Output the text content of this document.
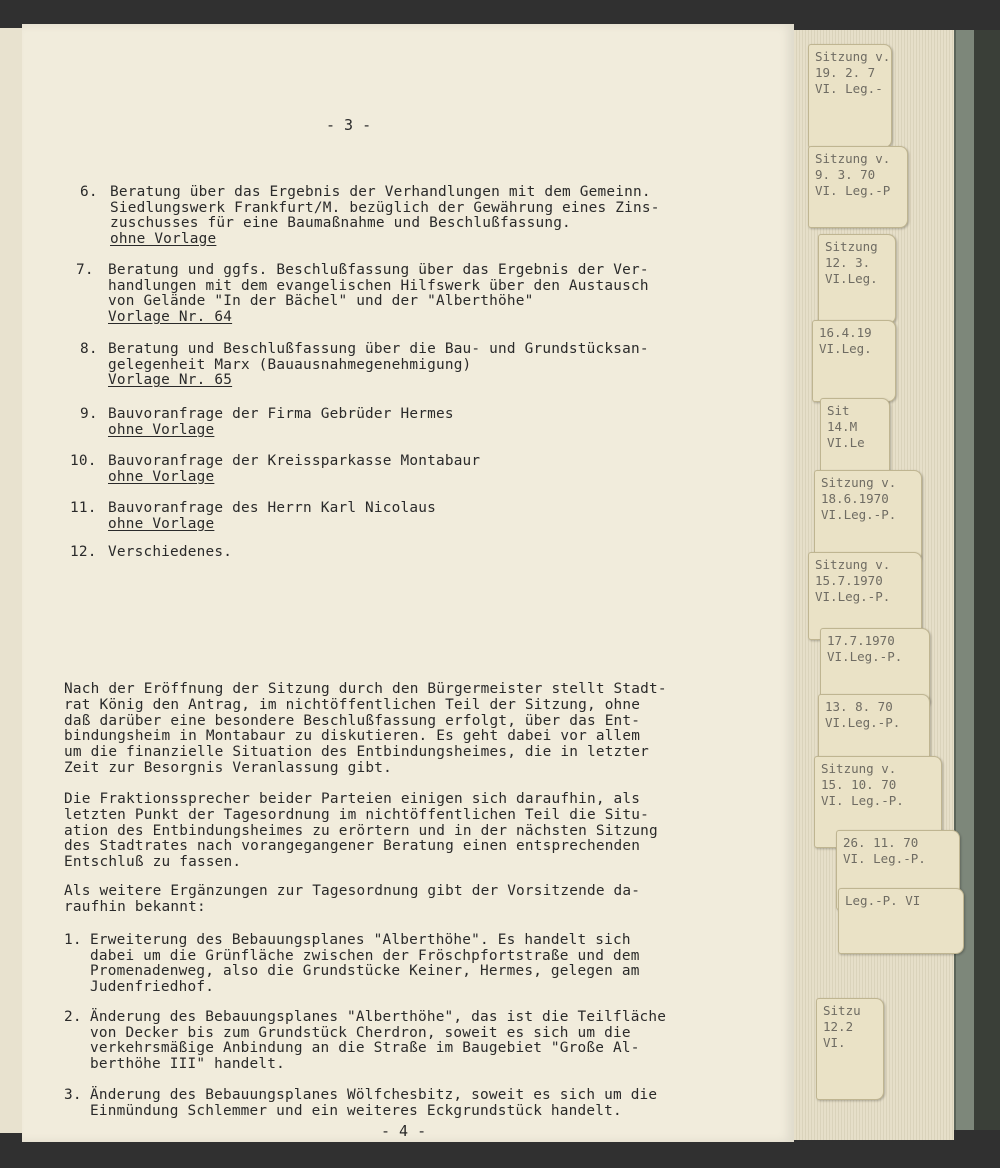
- 3 -
6. Beratung über das Ergebnis der Verhandlungen mit dem Gemeinn.
Siedlungswerk Frankfurt/M. bezüglich der Gewährung eines Zins-
zuschusses für eine Baumaßnahme und Beschlußfassung.
ohne Vorlage
7. Beratung und ggfs. Beschlußfassung über das Ergebnis der Ver-
handlungen mit dem evangelischen Hilfswerk über den Austausch
von Gelände "In der Bächel" und der "Alberthöhe"
Vorlage Nr. 64
8. Beratung und Beschlußfassung über die Bau- und Grundstücksan-
gelegenheit Marx (Bauausnahmegenehmigung)
Vorlage Nr. 65
9. Bauvoranfrage der Firma Gebrüder Hermes
ohne Vorlage
10. Bauvoranfrage der Kreissparkasse Montabaur
ohne Vorlage
11. Bauvoranfrage des Herrn Karl Nicolaus
ohne Vorlage
12. Verschiedenes.
Nach der Eröffnung der Sitzung durch den Bürgermeister stellt Stadt-
rat König den Antrag, im nichtöffentlichen Teil der Sitzung, ohne
daß darüber eine besondere Beschlußfassung erfolgt, über das Ent-
bindungsheim in Montabaur zu diskutieren. Es geht dabei vor allem
um die finanzielle Situation des Entbindungsheimes, die in letzter
Zeit zur Besorgnis Veranlassung gibt.
Die Fraktionssprecher beider Parteien einigen sich daraufhin, als
letzten Punkt der Tagesordnung im nichtöffentlichen Teil die Situ-
ation des Entbindungsheimes zu erörtern und in der nächsten Sitzung
des Stadtrates nach vorangegangener Beratung einen entsprechenden
Entschluß zu fassen.
Als weitere Ergänzungen zur Tagesordnung gibt der Vorsitzende da-
raufhin bekannt:
1. Erweiterung des Bebauungsplanes "Alberthöhe". Es handelt sich
dabei um die Grünfläche zwischen der Fröschpfortstraße und dem
Promenadenweg, also die Grundstücke Keiner, Hermes, gelegen am
Judenfriedhof.
2. Änderung des Bebauungsplanes "Alberthöhe", das ist die Teilfläche
von Decker bis zum Grundstück Cherdron, soweit es sich um die
verkehrsmäßige Anbindung an die Straße im Baugebiet "Große Al-
berthöhe III" handelt.
3. Änderung des Bebauungsplanes Wölfchesbitz, soweit es sich um die
Einmündung Schlemmer und ein weiteres Eckgrundstück handelt.
- 4 -
Sitzung v.
19. 2. 7
VI. Leg.-
Sitzung v.
9. 3. 70
VI. Leg.-P
Sitzung
12. 3.
VI.Leg.
16.4.19
VI.Leg.
Sit
14.M
VI.Le
Sitzung v.
18.6.1970
VI.Leg.-P.
Sitzung v.
15.7.1970
VI.Leg.-P.
17.7.1970
VI.Leg.-P.
13. 8. 70
VI.Leg.-P.
Sitzung v.
15. 10. 70
VI. Leg.-P.
26. 11. 70
VI. Leg.-P.
Leg.-P. VI
Sitzu
12.2
VI.
